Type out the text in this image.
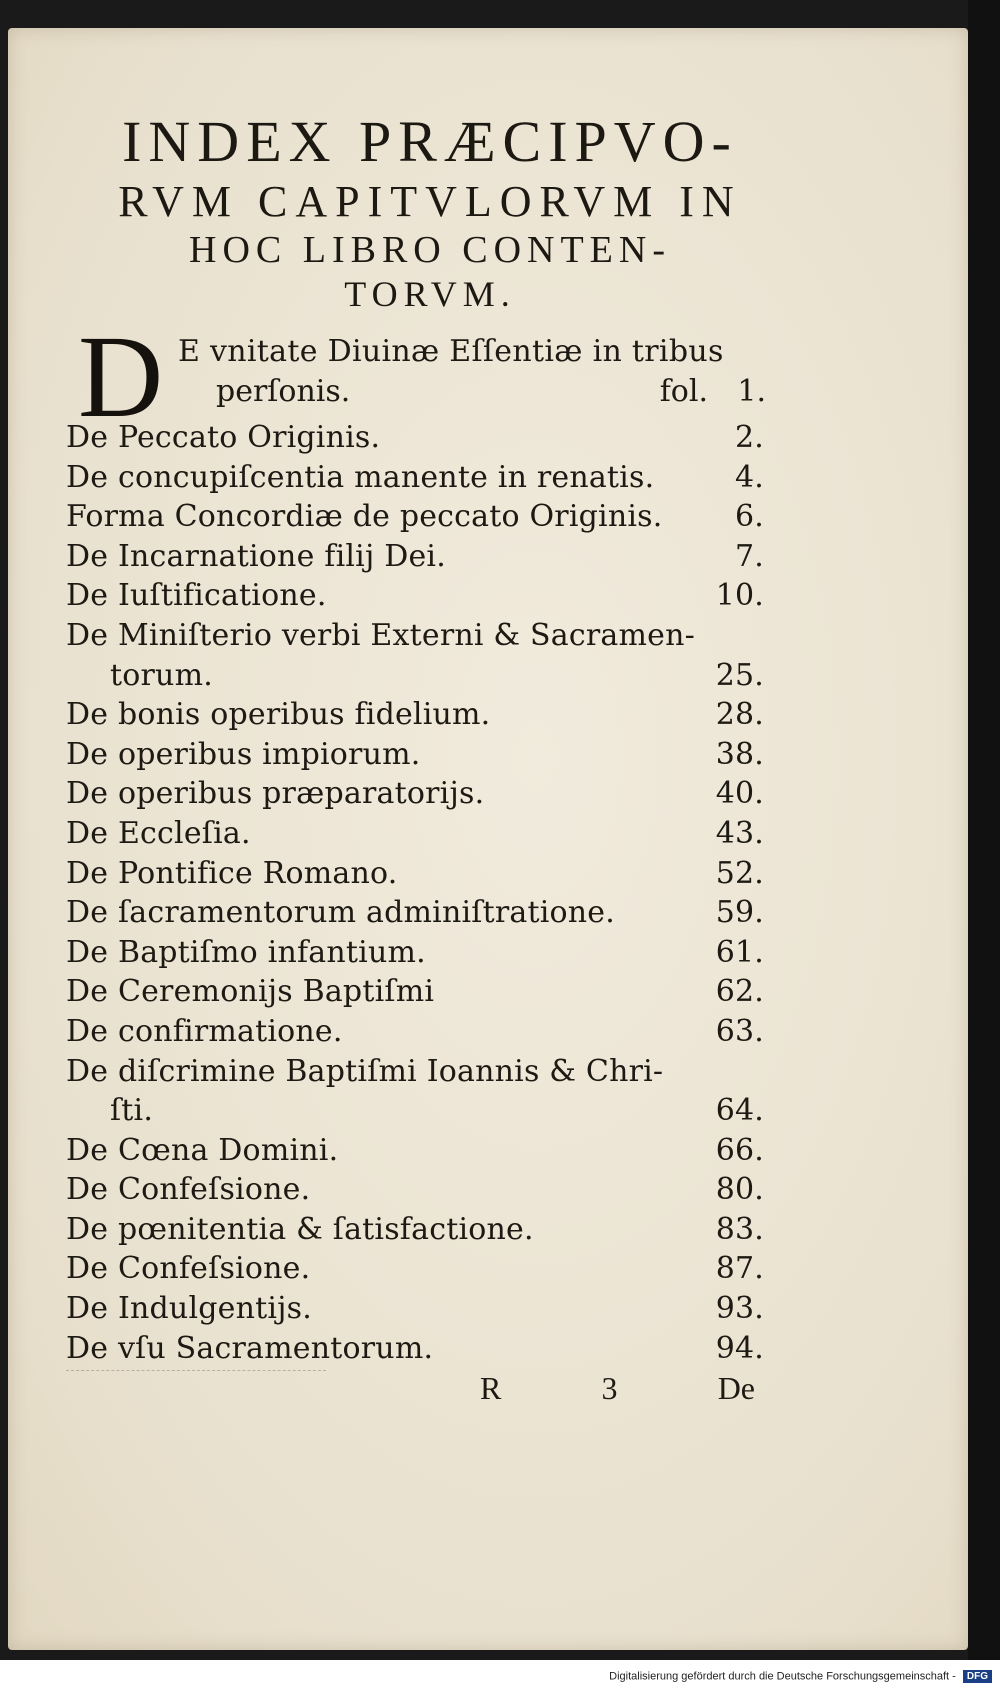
INDEX PRÆCIPVO-
RVM CAPITVLORVM IN
HOC LIBRO CONTEN-
TORVM.
D E vnitate Diuinæ Eſſentiæ in tribus
perſonis.	fol. 1.
De Peccato Originis.	2.
De concupiſcentia manente in renatis.	4.
Forma Concordiæ de peccato Originis. 6.
De Incarnatione filij Dei.	7.
De Iuſtificatione.	10.
De Miniſterio verbi Externi & Sacramen-
torum.	25.
De bonis operibus fidelium.	28.
De operibus impiorum.	38.
De operibus præparatorijs.	40.
De Eccleſia.	43.
De Pontifice Romano.	52.
De ſacramentorum adminiſtratione.	59.
De Baptiſmo infantium.	61.
De Ceremonijs Baptiſmi	62.
De confirmatione.	63.
De diſcrimine Baptiſmi Ioannis & Chri-
ſti.	64.
De Cœna Domini.	66.
De Confeſsione.	80.
De pœnitentia & ſatisfactione.	83.
De Confeſsione.	87.
De Indulgentijs.	93.
De vſu Sacramentorum.	94.
R	3	De
Digitalisierung gefördert durch die Deutsche Forschungsgemeinschaft - DFG
